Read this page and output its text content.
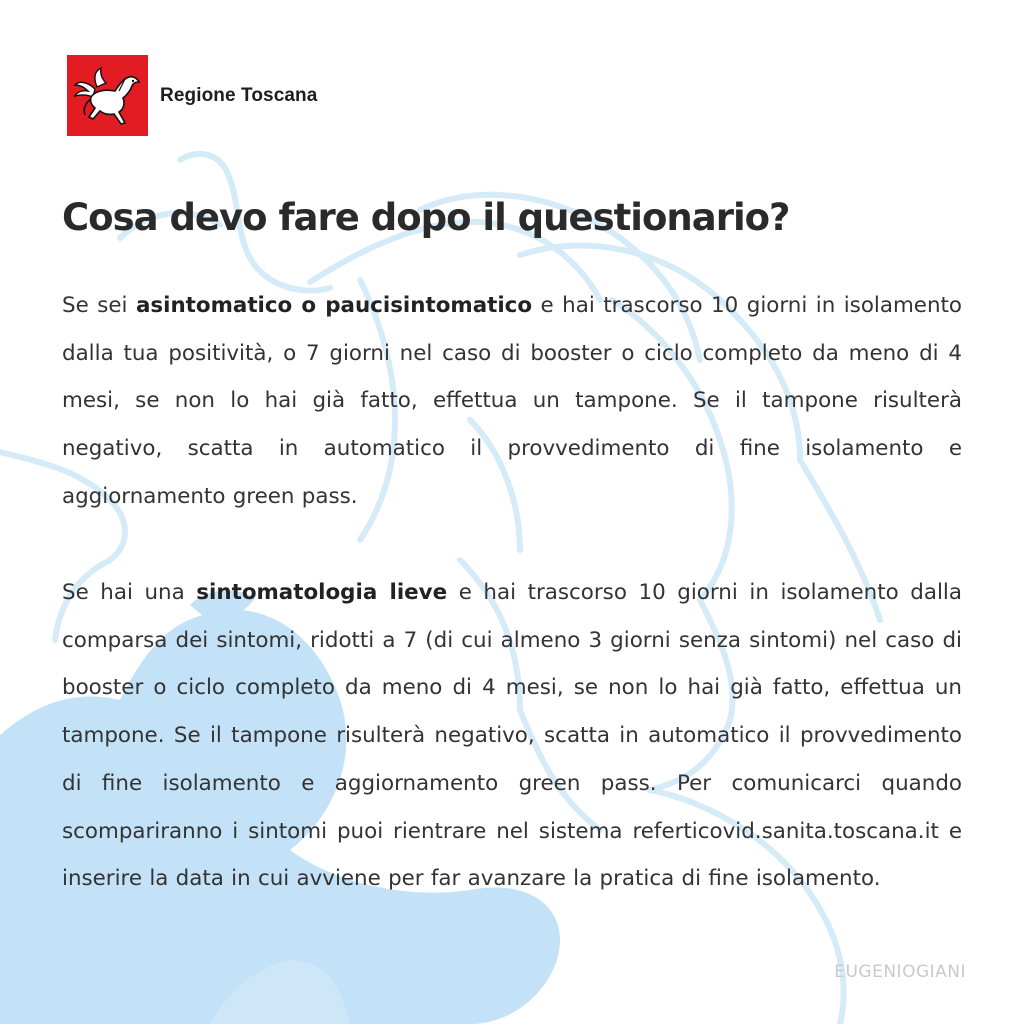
Regione Toscana
Cosa devo fare dopo il questionario?

Se sei asintomatico o paucisintomatico e hai trascorso 10 giorni in isolamento dalla tua positività, o 7 giorni nel caso di booster o ciclo completo da meno di 4 mesi, se non lo hai già fatto, effettua un tampone. Se il tampone risulterà negativo, scatta in automatico il provvedimento di fine isolamento e aggiornamento green pass.

Se hai una sintomatologia lieve e hai trascorso 10 giorni in isolamento dalla comparsa dei sintomi, ridotti a 7 (di cui almeno 3 giorni senza sintomi) nel caso di booster o ciclo completo da meno di 4 mesi, se non lo hai già fatto, effettua un tampone. Se il tampone risulterà negativo, scatta in automatico il provvedimento di fine isolamento e aggiornamento green pass. Per comunicarci quando scompariranno i sintomi puoi rientrare nel sistema referticovid.sanita.toscana.it e inserire la data in cui avviene per far avanzare la pratica di fine isolamento.

EUGENIOGIANI
